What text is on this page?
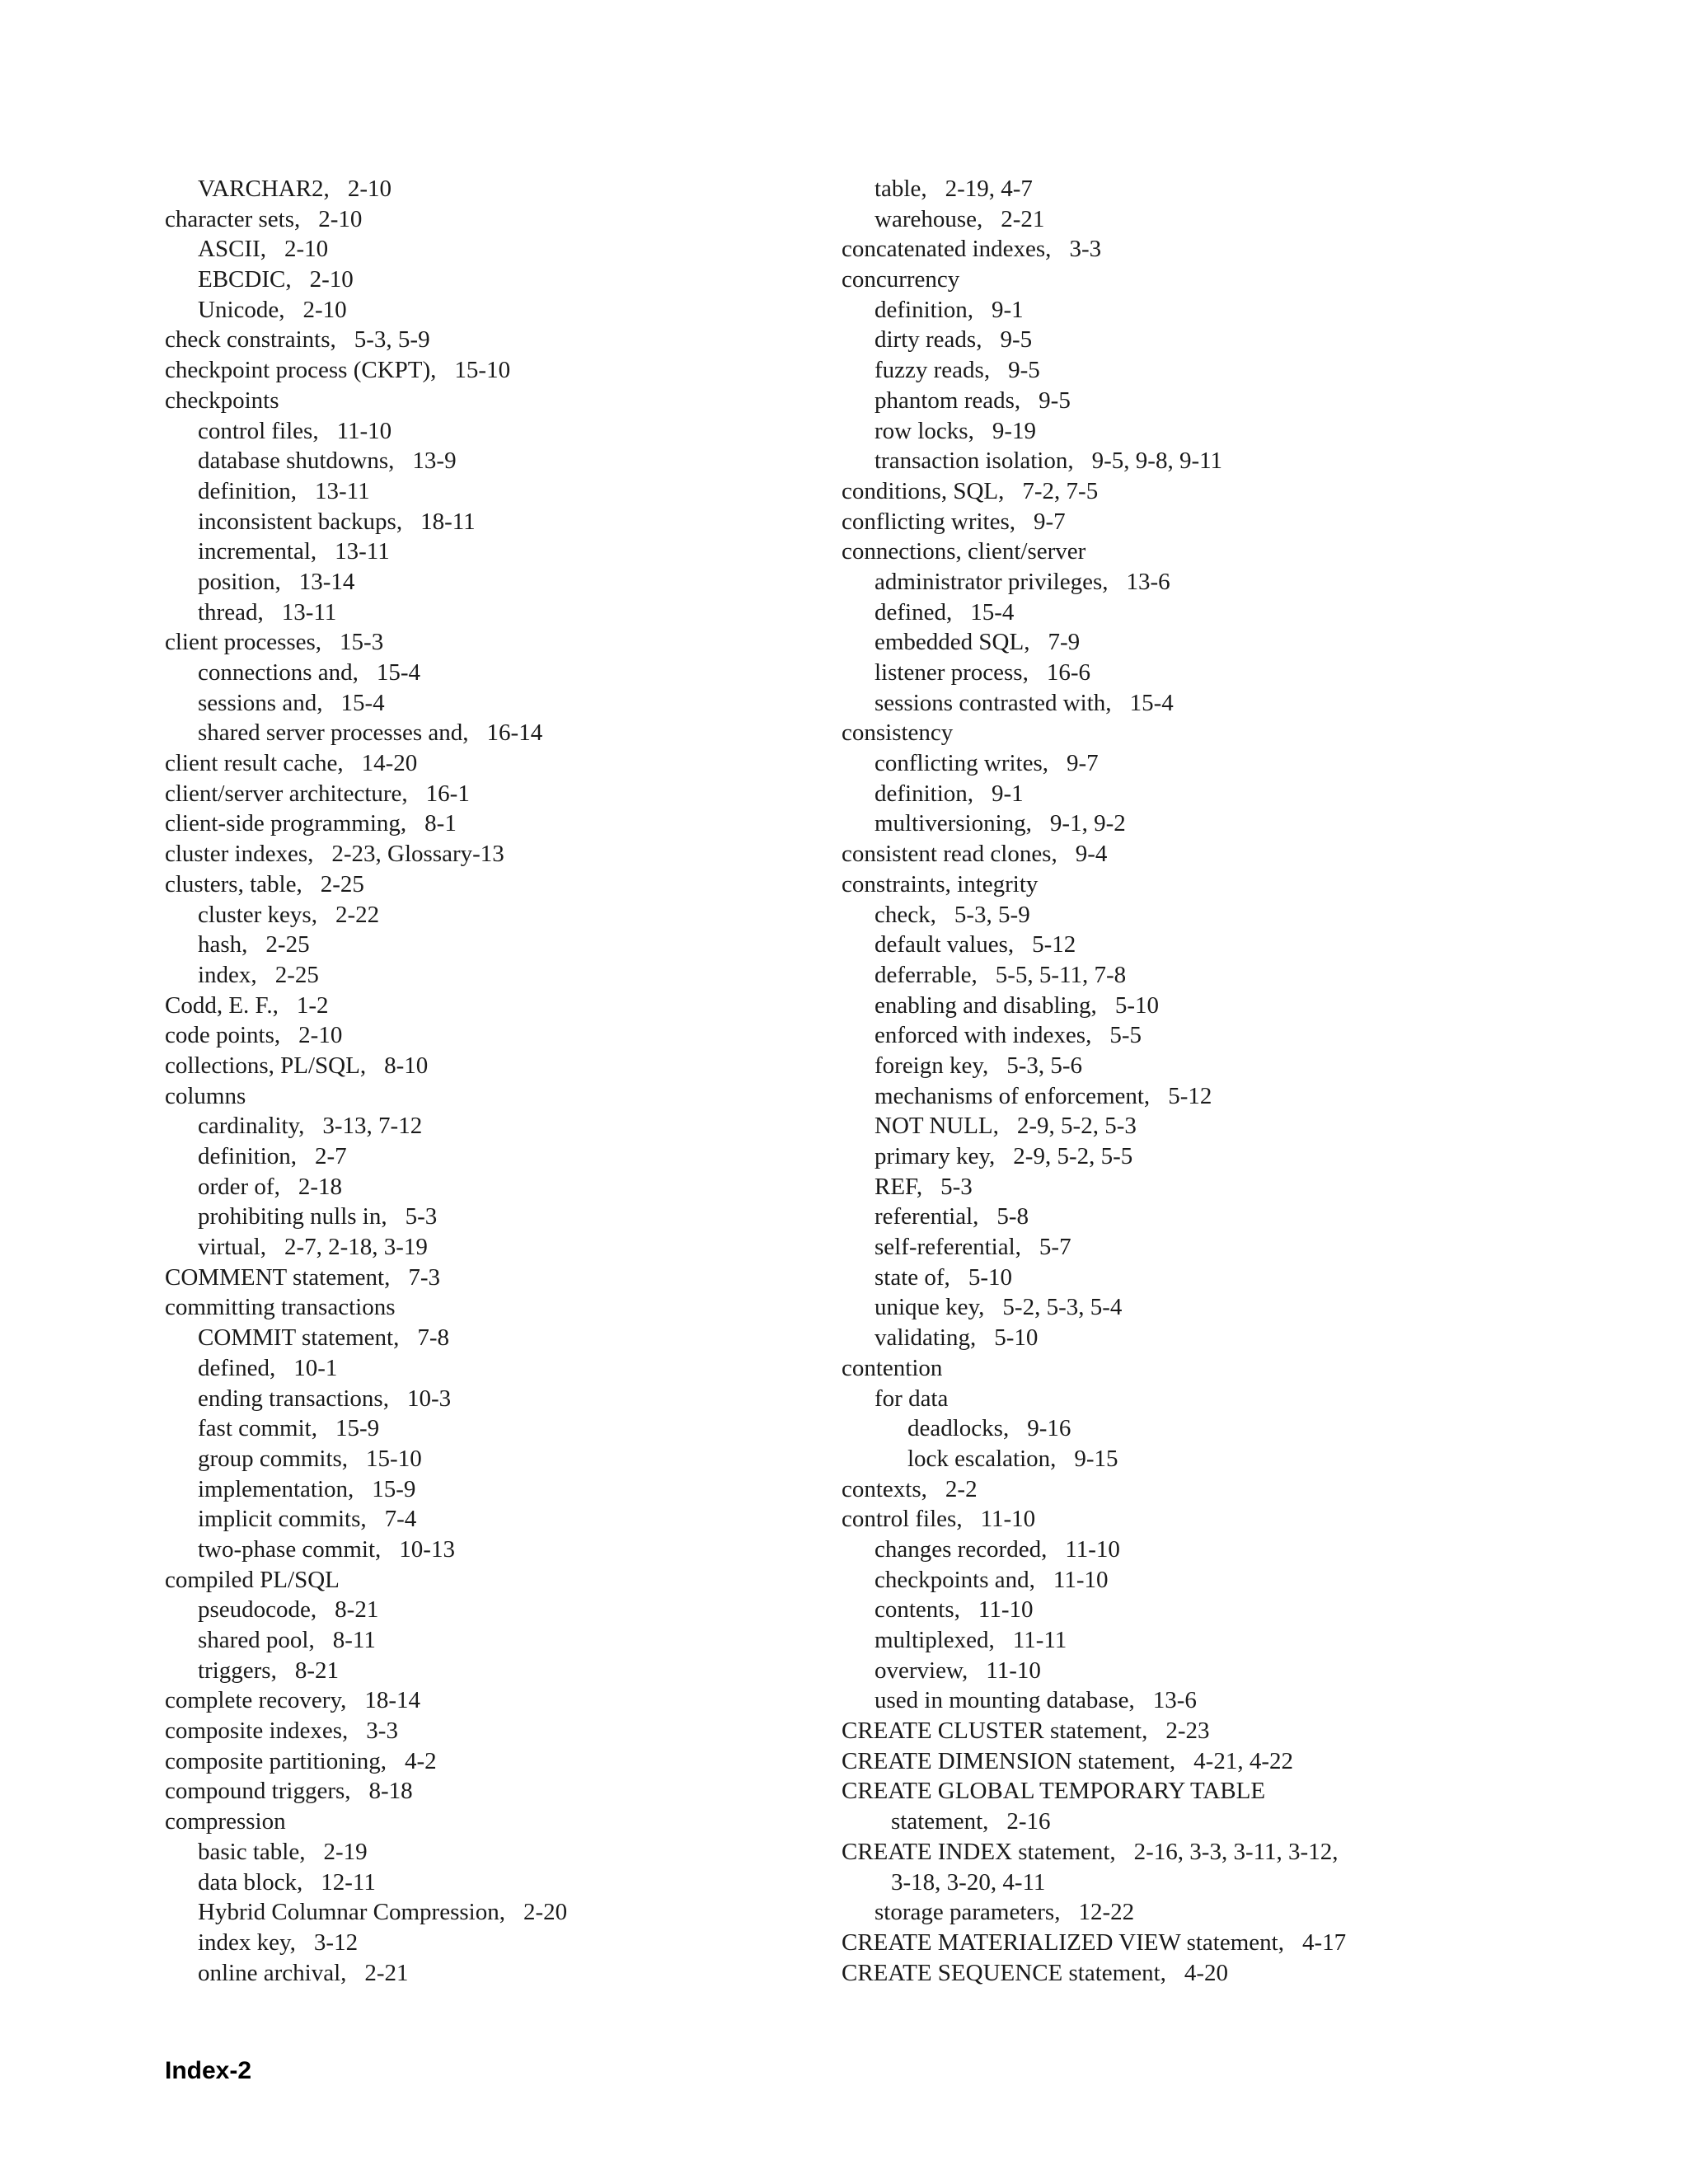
VARCHAR2, 2-10
character sets, 2-10
ASCII, 2-10
EBCDIC, 2-10
Unicode, 2-10
check constraints, 5-3, 5-9
checkpoint process (CKPT), 15-10
checkpoints
control files, 11-10
database shutdowns, 13-9
definition, 13-11
inconsistent backups, 18-11
incremental, 13-11
position, 13-14
thread, 13-11
client processes, 15-3
connections and, 15-4
sessions and, 15-4
shared server processes and, 16-14
client result cache, 14-20
client/server architecture, 16-1
client-side programming, 8-1
cluster indexes, 2-23, Glossary-13
clusters, table, 2-25
cluster keys, 2-22
hash, 2-25
index, 2-25
Codd, E. F., 1-2
code points, 2-10
collections, PL/SQL, 8-10
columns
cardinality, 3-13, 7-12
definition, 2-7
order of, 2-18
prohibiting nulls in, 5-3
virtual, 2-7, 2-18, 3-19
COMMENT statement, 7-3
committing transactions
COMMIT statement, 7-8
defined, 10-1
ending transactions, 10-3
fast commit, 15-9
group commits, 15-10
implementation, 15-9
implicit commits, 7-4
two-phase commit, 10-13
compiled PL/SQL
pseudocode, 8-21
shared pool, 8-11
triggers, 8-21
complete recovery, 18-14
composite indexes, 3-3
composite partitioning, 4-2
compound triggers, 8-18
compression
basic table, 2-19
data block, 12-11
Hybrid Columnar Compression, 2-20
index key, 3-12
online archival, 2-21
table, 2-19, 4-7
warehouse, 2-21
concatenated indexes, 3-3
concurrency
definition, 9-1
dirty reads, 9-5
fuzzy reads, 9-5
phantom reads, 9-5
row locks, 9-19
transaction isolation, 9-5, 9-8, 9-11
conditions, SQL, 7-2, 7-5
conflicting writes, 9-7
connections, client/server
administrator privileges, 13-6
defined, 15-4
embedded SQL, 7-9
listener process, 16-6
sessions contrasted with, 15-4
consistency
conflicting writes, 9-7
definition, 9-1
multiversioning, 9-1, 9-2
consistent read clones, 9-4
constraints, integrity
check, 5-3, 5-9
default values, 5-12
deferrable, 5-5, 5-11, 7-8
enabling and disabling, 5-10
enforced with indexes, 5-5
foreign key, 5-3, 5-6
mechanisms of enforcement, 5-12
NOT NULL, 2-9, 5-2, 5-3
primary key, 2-9, 5-2, 5-5
REF, 5-3
referential, 5-8
self-referential, 5-7
state of, 5-10
unique key, 5-2, 5-3, 5-4
validating, 5-10
contention
for data
deadlocks, 9-16
lock escalation, 9-15
contexts, 2-2
control files, 11-10
changes recorded, 11-10
checkpoints and, 11-10
contents, 11-10
multiplexed, 11-11
overview, 11-10
used in mounting database, 13-6
CREATE CLUSTER statement, 2-23
CREATE DIMENSION statement, 4-21, 4-22
CREATE GLOBAL TEMPORARY TABLE
statement, 2-16
CREATE INDEX statement, 2-16, 3-3, 3-11, 3-12,
3-18, 3-20, 4-11
storage parameters, 12-22
CREATE MATERIALIZED VIEW statement, 4-17
CREATE SEQUENCE statement, 4-20
Index-2
